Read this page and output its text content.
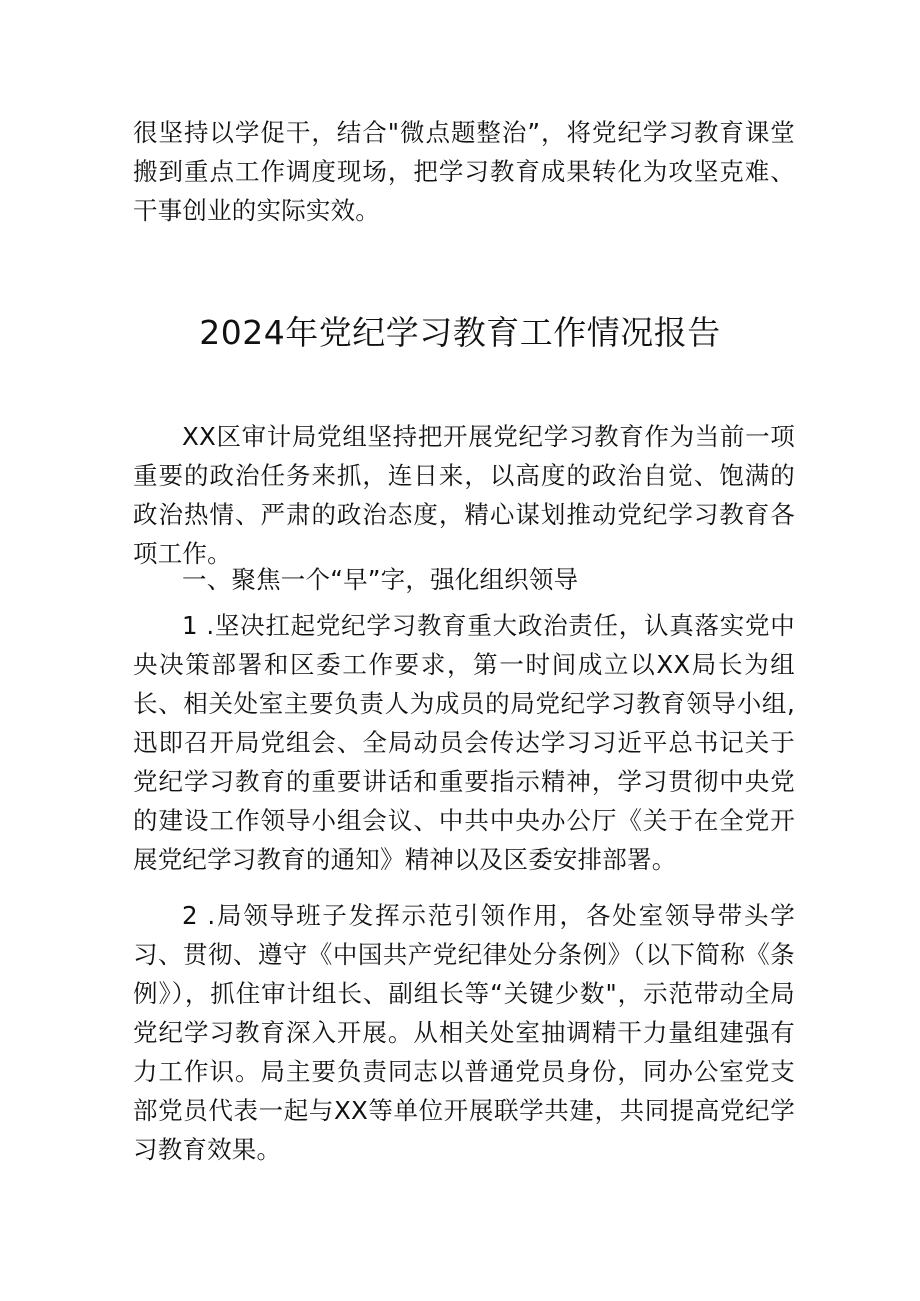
很坚持以学促干，结合"微点题整治”，将党纪学习教育课堂搬到重点工作调度现场，把学习教育成果转化为攻坚克难、干事创业的实际实效。

2024年党纪学习教育工作情况报告

XX区审计局党组坚持把开展党纪学习教育作为当前一项重要的政治任务来抓，连日来，以高度的政治自觉、饱满的政治热情、严肃的政治态度，精心谋划推动党纪学习教育各项工作。

一、聚焦一个“早”字，强化组织领导

1 .坚决扛起党纪学习教育重大政治责任，认真落实党中央决策部署和区委工作要求，第一时间成立以XX局长为组长、相关处室主要负责人为成员的局党纪学习教育领导小组,迅即召开局党组会、全局动员会传达学习习近平总书记关于党纪学习教育的重要讲话和重要指示精神，学习贯彻中央党的建设工作领导小组会议、中共中央办公厅《关于在全党开展党纪学习教育的通知》精神以及区委安排部署。

2 .局领导班子发挥示范引领作用，各处室领导带头学习、贯彻、遵守《中国共产党纪律处分条例》（以下简称《条例》），抓住审计组长、副组长等“关键少数"，示范带动全局党纪学习教育深入开展。从相关处室抽调精干力量组建强有力工作识。局主要负责同志以普通党员身份，同办公室党支部党员代表一起与XX等单位开展联学共建，共同提高党纪学习教育效果。
